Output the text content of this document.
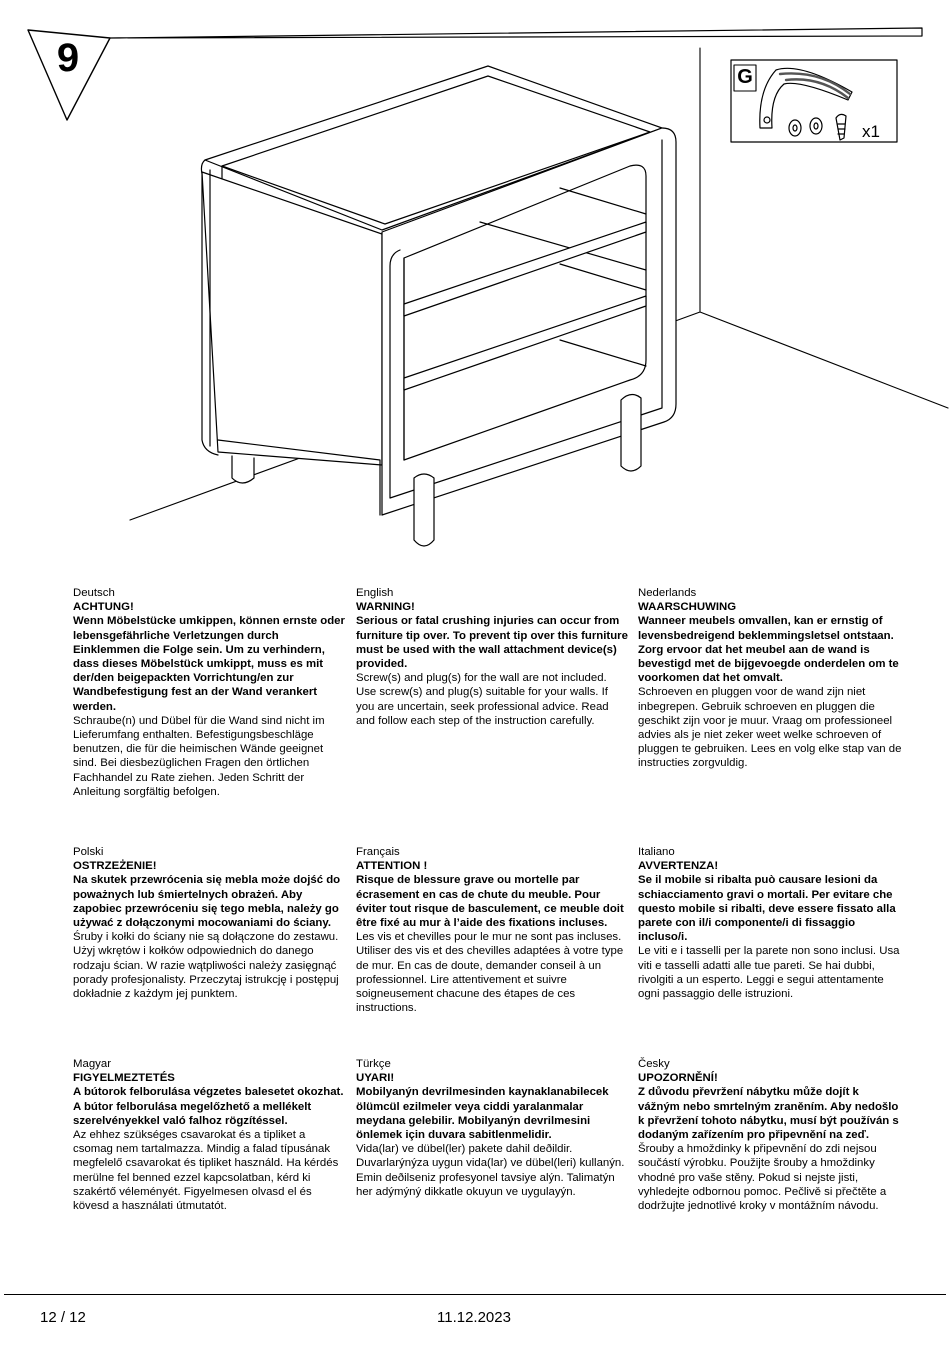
9	G
x1
Deutsch
ACHTUNG!
Wenn Möbelstücke umkippen, können ernste oder lebensgefährliche Verletzungen durch Einklemmen die Folge sein. Um zu verhindern, dass dieses Möbelstück umkippt, muss es mit der/den beigepackten Vorrichtung/en zur Wandbefestigung fest an der Wand verankert werden.
Schraube(n) und Dübel für die Wand sind nicht im Lieferumfang enthalten. Befestigungsbeschläge benutzen, die für die heimischen Wände geeignet sind. Bei diesbezüglichen Fragen den örtlichen Fachhandel zu Rate ziehen. Jeden Schritt der Anleitung sorgfältig befolgen.
English
WARNING!
Serious or fatal crushing injuries can occur from furniture tip over. To prevent tip over this furniture must be used with the wall attachment device(s) provided.
Screw(s) and plug(s) for the wall are not included. Use screw(s) and plug(s) suitable for your walls. If you are uncertain, seek professional advice. Read and follow each step of the instruction carefully.
Nederlands
WAARSCHUWING
Wanneer meubels omvallen, kan er ernstig of levensbedreigend beklemmingsletsel ontstaan. Zorg ervoor dat het meubel aan de wand is bevestigd met de bijgevoegde onderdelen om te voorkomen dat het omvalt.
Schroeven en pluggen voor de wand zijn niet inbegrepen. Gebruik schroeven en pluggen die geschikt zijn voor je muur. Vraag om professioneel advies als je niet zeker weet welke schroeven of pluggen te gebruiken. Lees en volg elke stap van de instructies zorgvuldig.
Polski
OSTRZEŻENIE!
Na skutek przewrócenia się mebla może dojść do poważnych lub śmiertelnych obrażeń. Aby zapobiec przewróceniu się tego mebla, należy go używać z dołączonymi mocowaniami do ściany.
Śruby i kołki do ściany nie są dołączone do zestawu. Użyj wkrętów i kołków odpowiednich do danego rodzaju ścian. W razie wątpliwości należy zasięgnąć porady profesjonalisty. Przeczytaj istrukcję i postępuj dokładnie z każdym jej punktem.
Français
ATTENTION !
Risque de blessure grave ou mortelle par écrasement en cas de chute du meuble. Pour éviter tout risque de basculement, ce meuble doit être fixé au mur à l’aide des fixations incluses.
Les vis et chevilles pour le mur ne sont pas incluses. Utiliser des vis et des chevilles adaptées à votre type de mur. En cas de doute, demander conseil à un professionnel. Lire attentivement et suivre soigneusement chacune des étapes de ces instructions.
Italiano
AVVERTENZA!
Se il mobile si ribalta può causare lesioni da schiacciamento gravi o mortali. Per evitare che questo mobile si ribalti, deve essere fissato alla parete con il/i componente/i di fissaggio incluso/i.
Le viti e i tasselli per la parete non sono inclusi. Usa viti e tasselli adatti alle tue pareti. Se hai dubbi, rivolgiti a un esperto. Leggi e segui attentamente ogni passaggio delle istruzioni.
Magyar
FIGYELMEZTETÉS
A bútorok felborulása végzetes balesetet okozhat. A bútor felborulása megelőzhető a mellékelt szerelvényekkel való falhoz rögzítéssel.
Az ehhez szükséges csavarokat és a tipliket a csomag nem tartalmazza. Mindig a falad típusának megfelelő csavarokat és tipliket használd. Ha kérdés merülne fel benned ezzel kapcsolatban, kérd ki szakértő véleményét. Figyelmesen olvasd el és kövesd a használati útmutatót.
Türkçe
UYARI!
Mobilyanýn devrilmesinden kaynaklanabilecek ölümcül ezilmeler veya ciddi yaralanmalar meydana gelebilir. Mobilyanýn devrilmesini önlemek için duvara sabitlenmelidir.
Vida(lar) ve dübel(ler) pakete dahil deðildir. Duvarlarýnýza uygun vida(lar) ve dübel(leri) kullanýn. Emin deðilseniz profesyonel tavsiye alýn. Talimatýn her adýmýný dikkatle okuyun ve uygulayýn.
Česky
UPOZORNĚNÍ!
Z důvodu převržení nábytku může dojít k vážným nebo smrtelným zraněním. Aby nedošlo k převržení tohoto nábytku, musí být používán s dodaným zařízením pro připevnění na zeď.
Šrouby a hmoždinky k připevnění do zdi nejsou součástí výrobku. Použijte šrouby a hmoždinky vhodné pro vaše stěny. Pokud si nejste jisti, vyhledejte odbornou pomoc. Pečlivě si přečtěte a dodržujte jednotlivé kroky v montážním návodu.
12 / 12	11.12.2023
